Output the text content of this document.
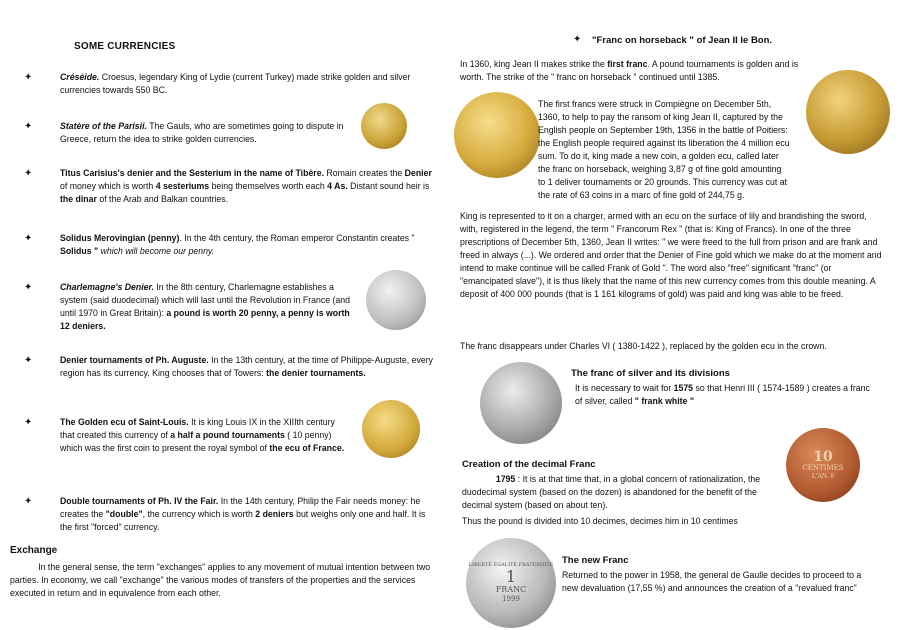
SOME CURRENCIES
✦	Créséide. Croesus, legendary King of Lydie (current Turkey) made strike golden and silver currencies towards 550 BC.
✦	Statère of the Parisii. The Gauls, who are sometimes going to dispute in Greece, return the idea to strike golden currencies.
✦	Titus Carisius's denier and the Sesterium in the name of Tibère. Romain creates the Denier of money which is worth 4 sesteriums being themselves worth each 4 As. Distant sound heir is the dinar of the Arab and Balkan countries.
✦	Solidus Merovingian (penny). In the 4th century, the Roman emperor Constantin creates " Solidus " which will become our penny.
✦	Charlemagne's Denier. In the 8th century, Charlemagne establishes a system (said duodecimal) which will last until the Revolution in France (and until 1970 in Great Britain): a pound is worth 20 penny, a penny is worth 12 deniers.
✦	Denier tournaments of Ph. Auguste. In the 13th century, at the time of Philippe-Auguste, every region has its currency. King chooses that of Towers: the denier tournaments.
✦	The Golden ecu of Saint-Louis. It is king Louis IX in the XIIIth century that created this currency of a half a pound tournaments ( 10 penny) which was the first coin to present the royal symbol of the ecu of France.
✦	Double tournaments of Ph. IV the Fair. In the 14th century, Philip the Fair needs money: he creates the "double", the currency which is worth 2 deniers but weighs only one and half. It is the first "forced" currency.
Exchange
In the general sense, the term "exchanges" applies to any movement of mutual intention between two parties. In economy, we call "exchange" the various modes of transfers of the properties and the services executed in return and in equivalence from each other.
✦ "Franc on horseback " of Jean II le Bon.
In 1360, king Jean II makes strike the first franc. A pound tournaments is golden and is worth. The strike of the " franc on horseback " continued until 1385.
The first francs were struck in Compiègne on December 5th, 1360, to help to pay the ransom of king Jean II, captured by the English people on September 19th, 1356 in the battle of Poitiers: the English people required against its liberation the 4 million ecu sum. To do it, king made a new coin, a golden ecu, called later the franc on horseback, weighing 3,87 g of fine gold amounting to 1 deliver tournaments or 20 grounds. This currency was cut at the rate of 63 coins in a marc of fine gold of 244,75 g.
King is represented to it on a charger, armed with an ecu on the surface of lily and brandishing the sword, with, registered in the legend, the term " Francorum Rex " (that is: King of Francs). In one of the three prescriptions of December 5th, 1360, Jean II writes: " we were freed to the full from prison and are frank and freed in always (...). We ordered and order that the Denier of Fine gold which we make do at the moment and intend to make continue will be called Frank of Gold ". The word also "free" significant "franc" (or "emancipated slave"), it is thus likely that the name of this new currency comes from this double meaning. A deposit of 400 000 pounds (that is 1 161 kilograms of gold) was paid and king was able to be freed.
The franc disappears under Charles VI ( 1380-1422 ), replaced by the golden ecu in the crown.
The franc of silver and its divisions
It is necessary to wait for 1575 so that Henri III ( 1574-1589 ) creates a franc of silver, called " frank white "
10
CENTIMES
L'AN. 8
Creation of the decimal Franc
1795 : It is at that time that, in a global concern of rationalization, the duodecimal system (based on the dozen) is abandoned for the benefit of the decimal system (based on about ten).
Thus the pound is divided into 10 decimes, decimes him in 10 centimes
LIBERTÉ ÉGALITÉ FRATERNITÉ
1
FRANC
1999
The new Franc
Returned to the power in 1958, the general de Gaulle decides to proceed to a new devaluation (17,55 %) and announces the creation of a "revalued franc"
